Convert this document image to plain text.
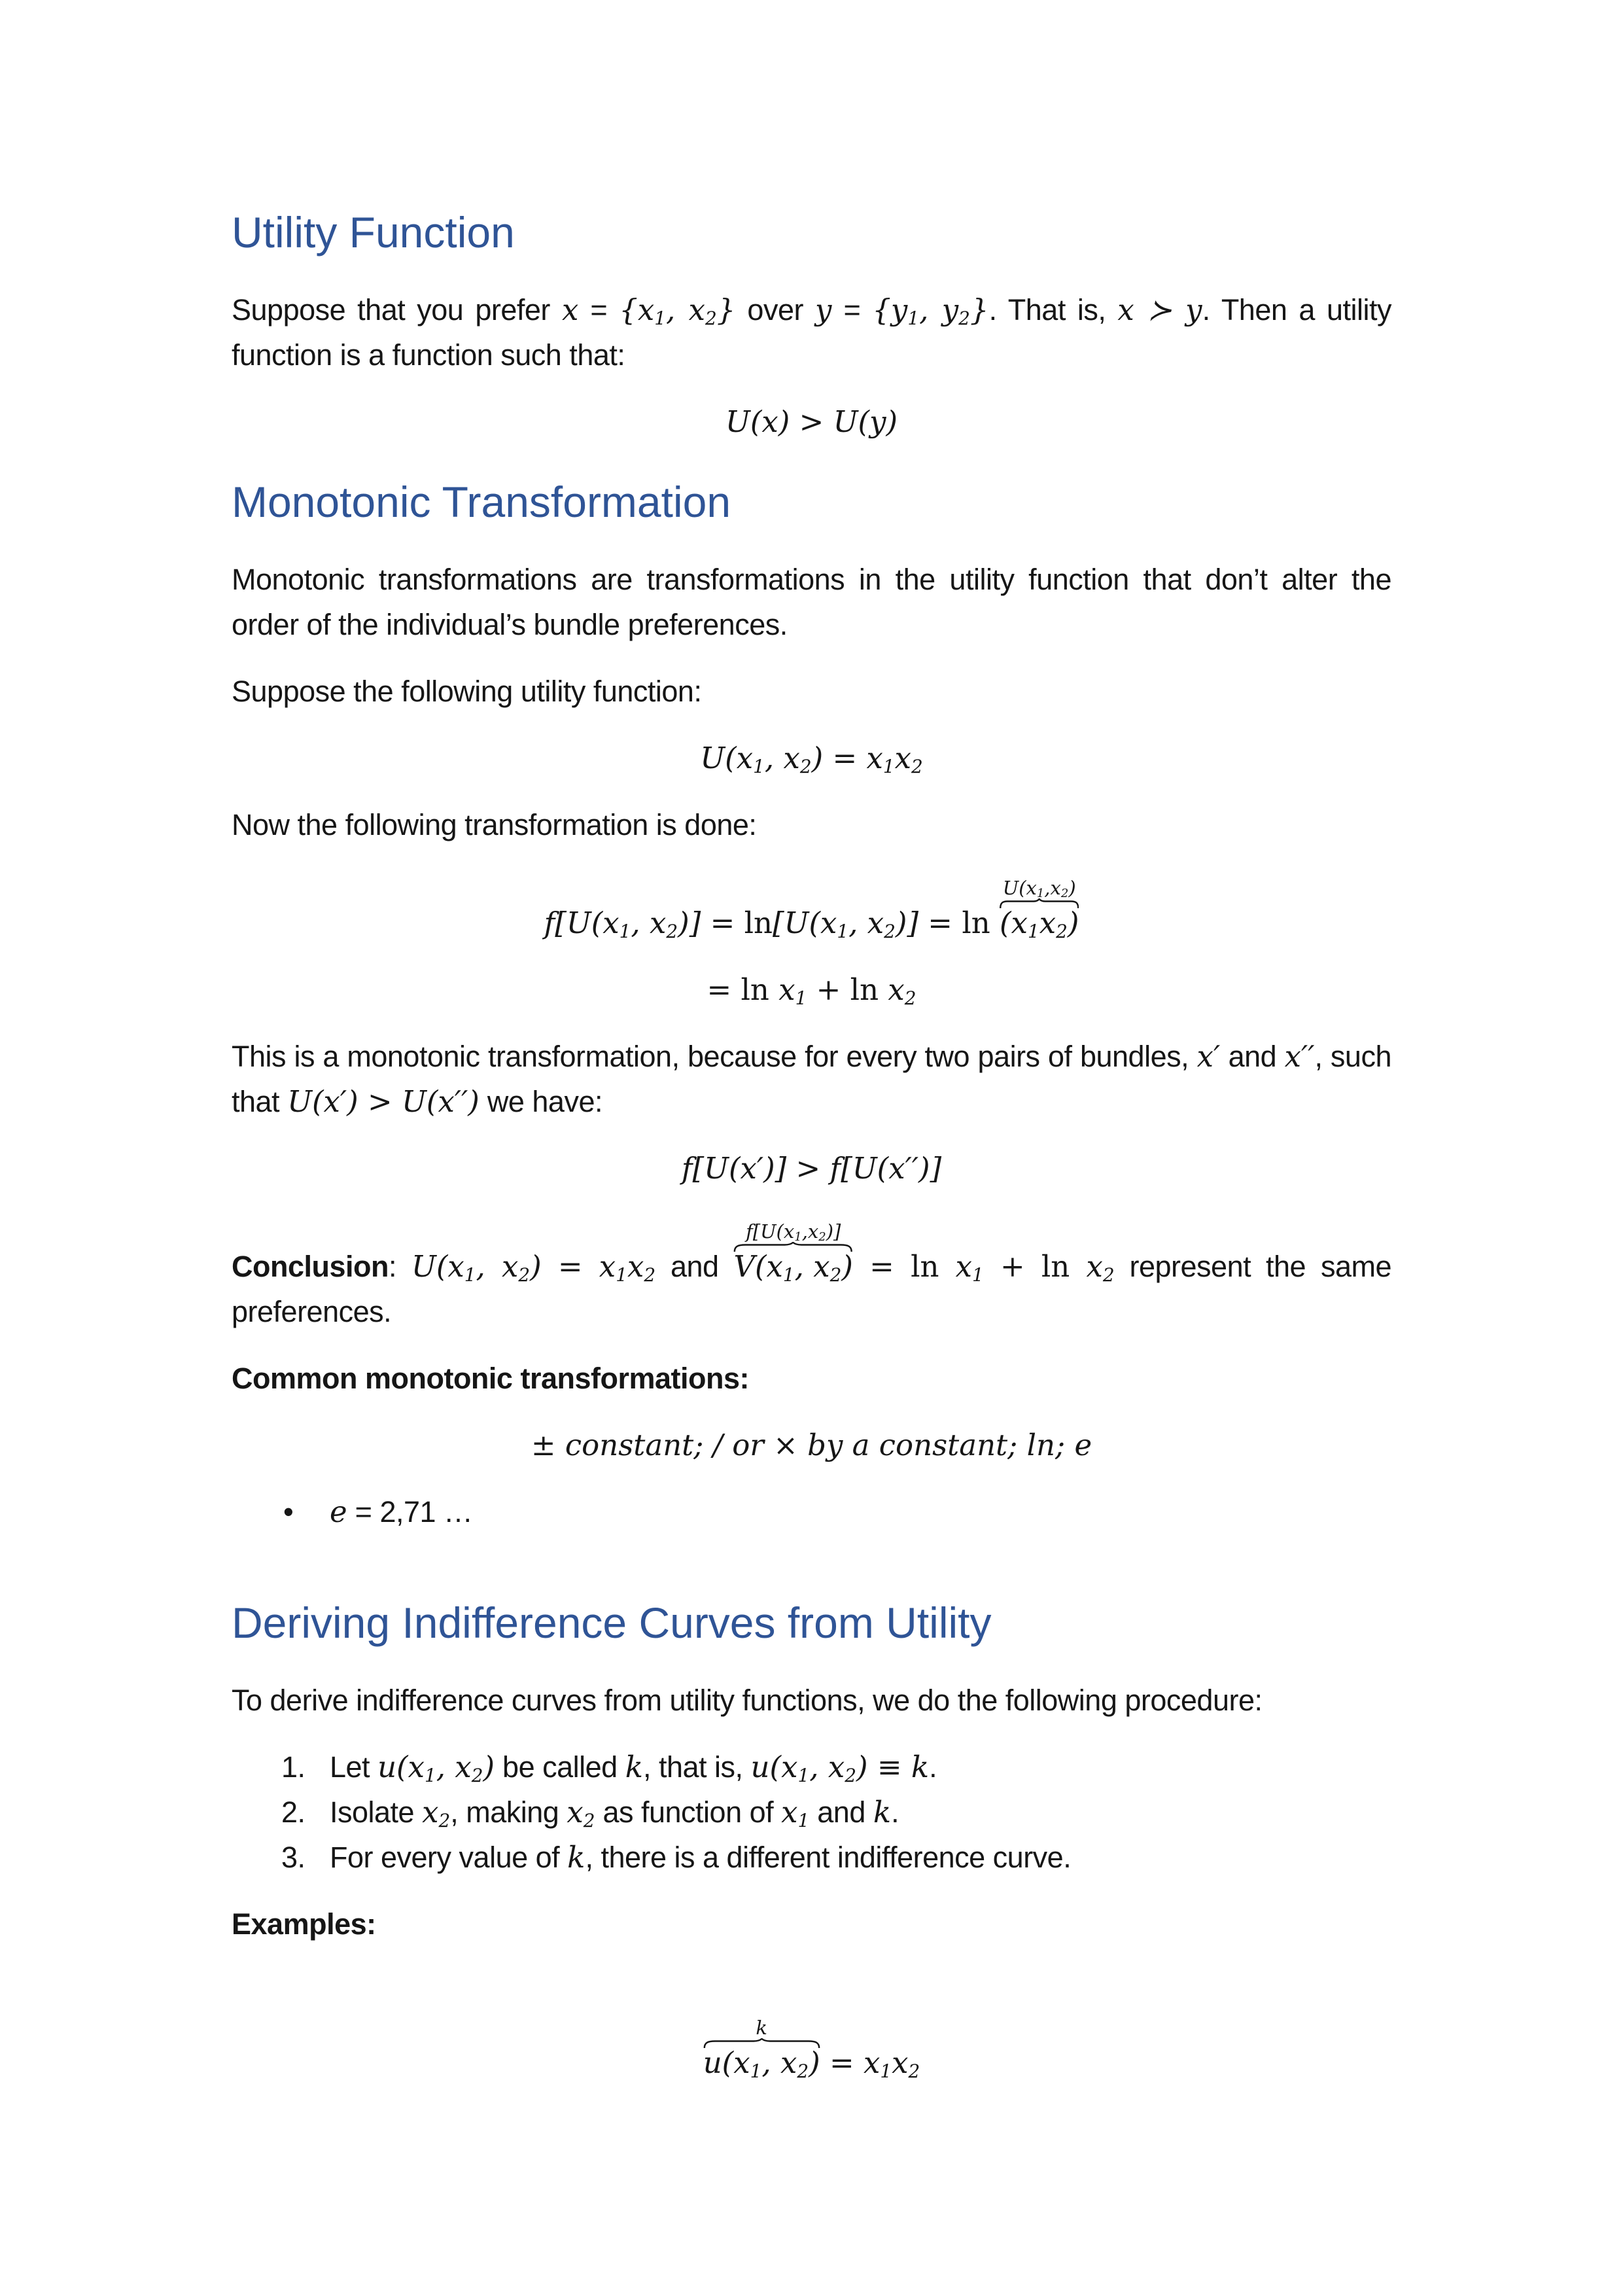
Utility Function

Suppose that you prefer $x = \{x_1$, $x_2$} over $y = \{y_1$, $y_2$}. That is, x ≻ y. Then a utility function is a function such that:

U(x) > U(y)
Monotonic Transformation

Monotonic transformations are transformations in the utility function that don’t alter the order of the individual’s bundle preferences.

Suppose the following utility function:

$U(x_1$, $x_2) = x_1x_2$

Now the following transformation is done:

$f[U(x_1$, $x_2)] = \ln[U(x_1$, $x_2)] = \ln$
$U(x_1,x_2)$
$(x_1x_2)$
= $\ln x_1 + \ln x_2$

This is a monotonic transformation, because for every two pairs of bundles, x′ and x′′, such that U(x′) > U(x′′) we have:

f[U(x′)] > f[U(x′′)]

Conclusion: $U(x_1$, $x_2) = x_1x_2$ and
$f[U(x_1,x_2)]$
$V(x_1$, $x_2) = \ln x_1 + \ln x_2$ represent the same preferences.

Common monotonic transformations:

± constant; / or × by a constant; ln; e
• e = 2,71 …
Deriving Indifference Curves from Utility

To derive indifference curves from utility functions, we do the following procedure:

1. Let $u(x_1$, $x_2$) be called k, that is, $u(x_1$, $x_2) \equiv k$.
2. Isolate $x_2$, making $x_2$ as function of $x_1$ and k.
3. For every value of k, there is a different indifference curve.

Examples:

k
$u(x_1$, $x_2) = x_1x_2$
